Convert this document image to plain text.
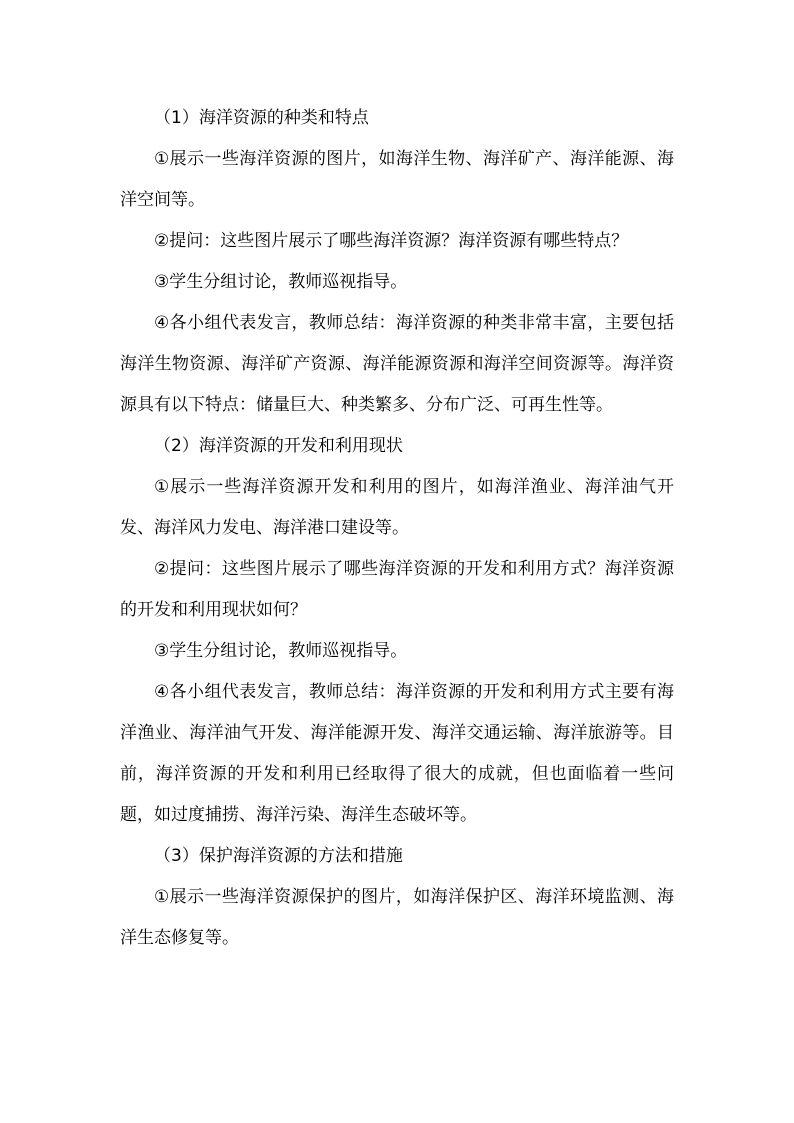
（1）海洋资源的种类和特点

①展示一些海洋资源的图片，如海洋生物、海洋矿产、海洋能源、海洋空间等。

②提问：这些图片展示了哪些海洋资源？海洋资源有哪些特点？

③学生分组讨论，教师巡视指导。

④各小组代表发言，教师总结：海洋资源的种类非常丰富，主要包括海洋生物资源、海洋矿产资源、海洋能源资源和海洋空间资源等。海洋资源具有以下特点：储量巨大、种类繁多、分布广泛、可再生性等。

（2）海洋资源的开发和利用现状

①展示一些海洋资源开发和利用的图片，如海洋渔业、海洋油气开发、海洋风力发电、海洋港口建设等。

②提问：这些图片展示了哪些海洋资源的开发和利用方式？海洋资源的开发和利用现状如何？

③学生分组讨论，教师巡视指导。

④各小组代表发言，教师总结：海洋资源的开发和利用方式主要有海洋渔业、海洋油气开发、海洋能源开发、海洋交通运输、海洋旅游等。目前，海洋资源的开发和利用已经取得了很大的成就，但也面临着一些问题，如过度捕捞、海洋污染、海洋生态破坏等。

（3）保护海洋资源的方法和措施

①展示一些海洋资源保护的图片，如海洋保护区、海洋环境监测、海洋生态修复等。
